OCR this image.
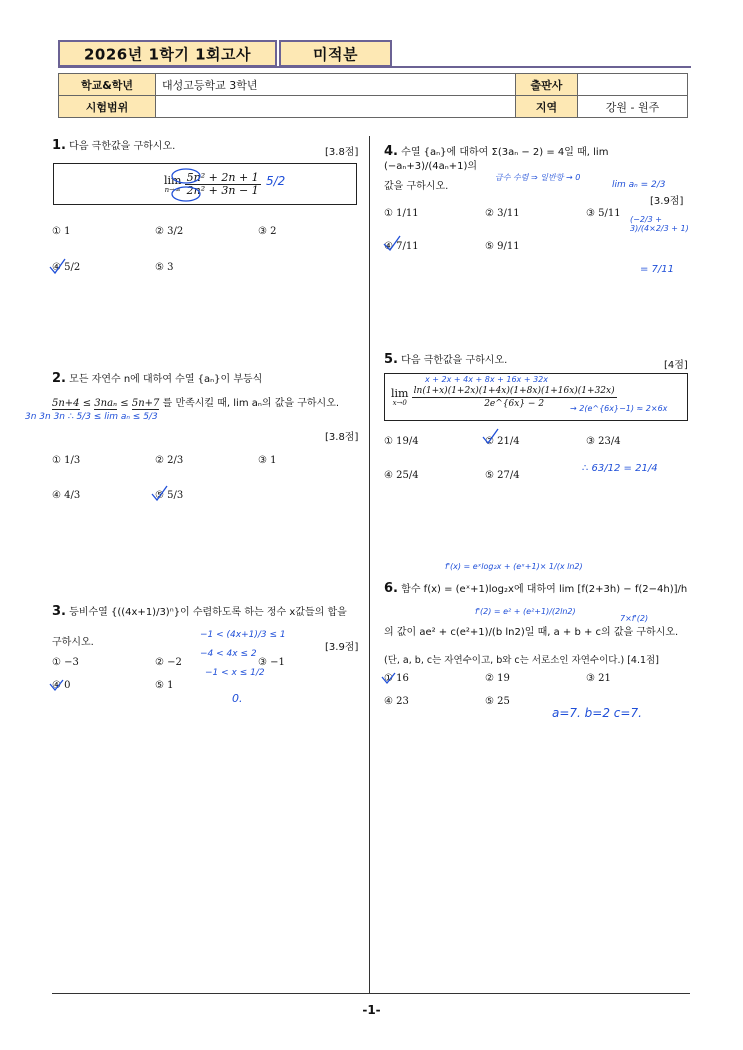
2026년 1학기 1회고사	미적분
학교&학년	대성고등학교 3학년	출판사	
시험범위		지역	강원 - 원주
1. 다음 극한값을 구하시오.
[3.8점]
lim
n→∞
$\frac{\text{5n² + 2n + 1}}{\text{2n² + 3n − 1}} 5/2$
① 1	② 3/2	③ 2
④ 5/2	⑤ 3
2. 모든 자연수 n에 대하여 수열 {aₙ}이 부등식
5n+4 ≤ 3naₙ ≤ 5n+7 를 만족시킬 때, lim aₙ의 값을 구하시오.
3n 3n 3n ∴ 5/3 ≤ lim aₙ ≤ 5/3
[3.8점]
① 1/3	② 2/3	③ 1
④ 4/3	⑤ 5/3
3. 등비수열 {((4x+1)/3)ⁿ}이 수렴하도록 하는 정수 x값들의 합을
구하시오.	[3.9점]
−1 < (4x+1)/3 ≤ 1
−4 < 4x ≤ 2
−1 < x ≤ 1/2
0.
① −3	② −2	③ −1
④ 0	⑤ 1
4. 수열 {aₙ}에 대하여 Σ(3aₙ − 2) = 4일 때, lim (−aₙ+3)/(4aₙ+1)의
값을 구하시오.
급수 수렴 ⇒ 일반항 → 0
lim aₙ = 2/3
[3.9점]
(−2/3 + 3)/(4×2/3 + 1)
= 7/11
① 1/11	② 3/11	③ 5/11
④ 7/11	⑤ 9/11
5. 다음 극한값을 구하시오.	[4점]
x + 2x + 4x + 8x + 16x + 32x
lim
x→0
$\frac{\ln(1+x)(1+2x)(1+4x)(1+8x)(1+16x)(1+32x)}{2e\^{}\{6x\} - 2}$
→ 2(e^{6x}−1) ≈ 2×6x
① 19/4	② 21/4	③ 23/4
④ 25/4	⑤ 27/4
∴ 63/12 = 21/4
f'(x) = eˣlog₂x + (eˣ+1)× 1/(x ln2)
6. 함수 f(x) = (eˣ+1)log₂x에 대하여 lim [f(2+3h) − f(2−4h)]/h
f'(2) = e² + (e²+1)/(2ln2)
7×f'(2)
의 값이 ae² + c(e²+1)/(b ln2)일 때, a + b + c의 값을 구하시오.
(단, a, b, c는 자연수이고, b와 c는 서로소인 자연수이다.) [4.1점]
① 16	② 19	③ 21
④ 23	⑤ 25
a=7. b=2 c=7.
-1-
